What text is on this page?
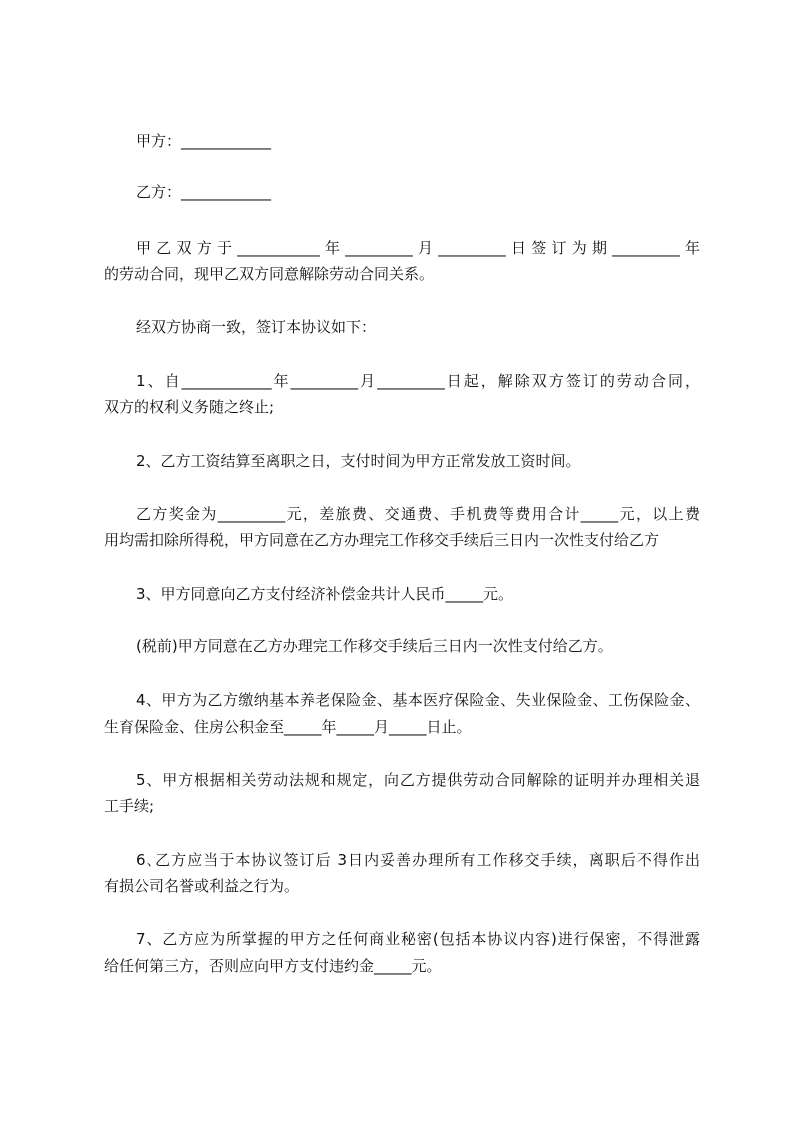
甲方：____________
乙方：____________
甲乙双方于___________年_________月_________日签订为期_________年
的劳动合同，现甲乙双方同意解除劳动合同关系。
经双方协商一致，签订本协议如下：
1、自____________年_________月_________日起，解除双方签订的劳动合同，
双方的权利义务随之终止;
2、乙方工资结算至离职之日，支付时间为甲方正常发放工资时间。
乙方奖金为_________元，差旅费、交通费、手机费等费用合计_____元，以上费
用均需扣除所得税，甲方同意在乙方办理完工作移交手续后三日内一次性支付给乙方
3、甲方同意向乙方支付经济补偿金共计人民币_____元。
(税前)甲方同意在乙方办理完工作移交手续后三日内一次性支付给乙方。
4、甲方为乙方缴纳基本养老保险金、基本医疗保险金、失业保险金、工伤保险金、
生育保险金、住房公积金至_____年_____月_____日止。
5、甲方根据相关劳动法规和规定，向乙方提供劳动合同解除的证明并办理相关退
工手续;
6､乙方应当于本协议签订后 3日内妥善办理所有工作移交手续，离职后不得作出
有损公司名誉或利益之行为。
7、乙方应为所掌握的甲方之任何商业秘密(包括本协议内容)进行保密，不得泄露
给任何第三方，否则应向甲方支付违约金_____元。
